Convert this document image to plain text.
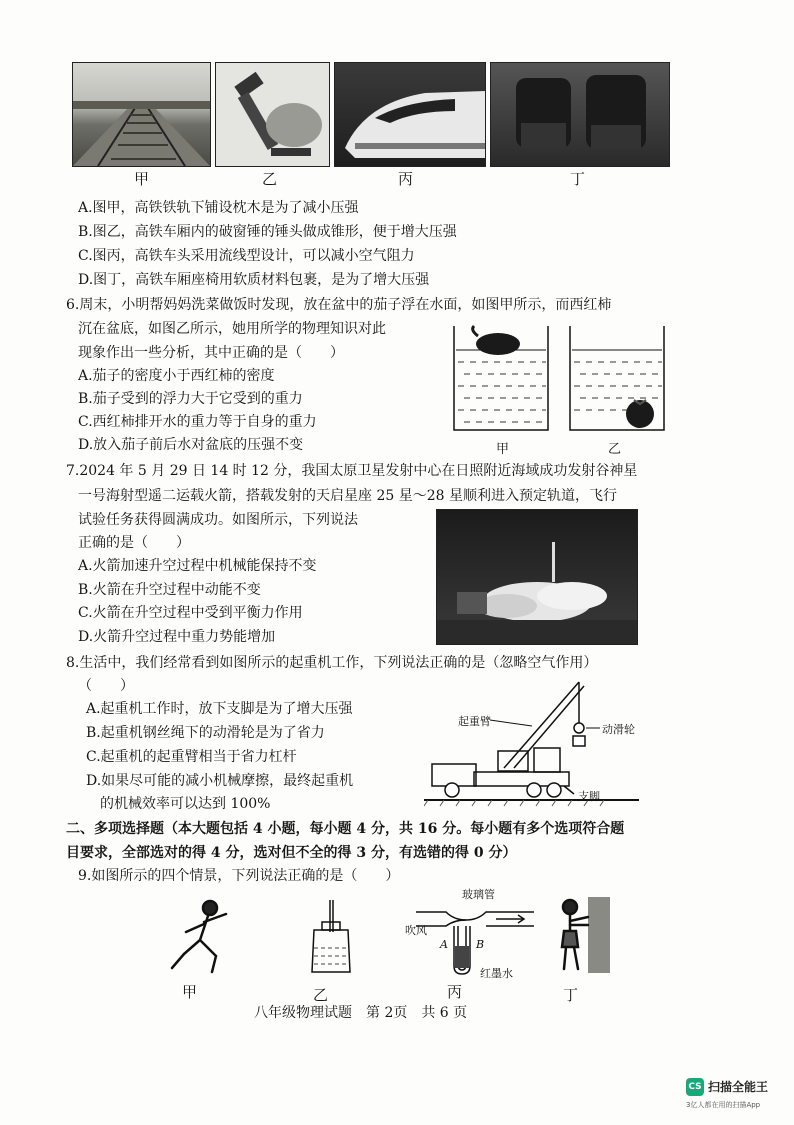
甲	乙	丙	丁
A.图甲，高铁铁轨下铺设枕木是为了减小压强
B.图乙，高铁车厢内的破窗锤的锤头做成锥形，便于增大压强
C.图丙，高铁车头采用流线型设计，可以减小空气阻力
D.图丁，高铁车厢座椅用软质材料包裹，是为了增大压强
6.周末，小明帮妈妈洗菜做饭时发现，放在盆中的茄子浮在水面，如图甲所示，而西红柿
沉在盆底，如图乙所示，她用所学的物理知识对此
现象作出一些分析，其中正确的是（　　）
A.茄子的密度小于西红柿的密度
B.茄子受到的浮力大于它受到的重力
C.西红柿排开水的重力等于自身的重力
D.放入茄子前后水对盆底的压强不变	甲	乙
7.2024 年 5 月 29 日 14 时 12 分，我国太原卫星发射中心在日照附近海域成功发射谷神星
一号海射型遥二运载火箭，搭载发射的天启星座 25 星～28 星顺利进入预定轨道，飞行
试验任务获得圆满成功。如图所示，下列说法
正确的是（　　）
A.火箭加速升空过程中机械能保持不变
B.火箭在升空过程中动能不变
C.火箭在升空过程中受到平衡力作用
D.火箭升空过程中重力势能增加
8.生活中，我们经常看到如图所示的起重机工作，下列说法正确的是（忽略空气作用）
（　　）
A.起重机工作时，放下支脚是为了增大压强
B.起重机钢丝绳下的动滑轮是为了省力
C.起重机的起重臂相当于省力杠杆
D.如果尽可能的减小机械摩擦，最终起重机
　的机械效率可以达到 100%
起重臂
动滑轮
支脚
二、多项选择题（本大题包括 4 小题，每小题 4 分，共 16 分。每小题有多个选项符合题
目要求，全部选对的得 4 分，选对但不全的得 3 分，有选错的得 0 分）
9.如图所示的四个情景，下列说法正确的是（　　）
玻璃管
吹风
A	B
红墨水
甲	乙	丙	丁
八年级物理试题　第 2页　共 6 页
CS 扫描全能王
3亿人都在用的扫描App
